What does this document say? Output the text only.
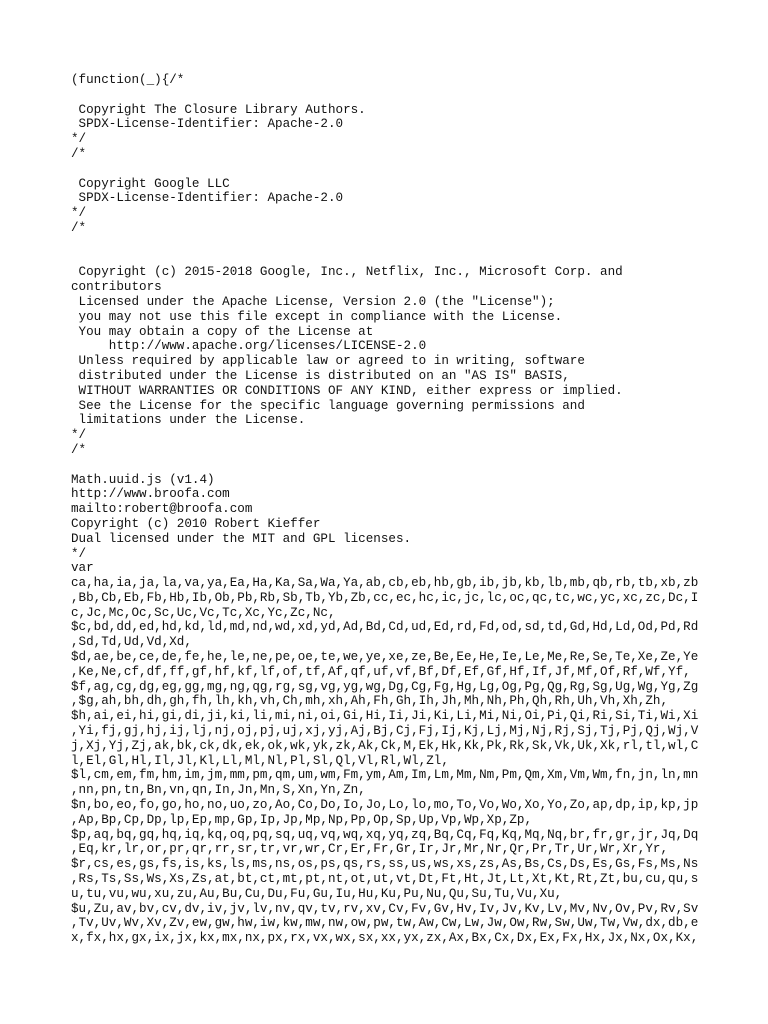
(function(_){/*

Copyright The Closure Library Authors.
SPDX-License-Identifier: Apache-2.0
*/
/*

Copyright Google LLC
SPDX-License-Identifier: Apache-2.0
*/
/*

Copyright (c) 2015-2018 Google, Inc., Netflix, Inc., Microsoft Corp. and
contributors
Licensed under the Apache License, Version 2.0 (the "License");
you may not use this file except in compliance with the License.
You may obtain a copy of the License at
http://www.apache.org/licenses/LICENSE-2.0
Unless required by applicable law or agreed to in writing, software
distributed under the License is distributed on an "AS IS" BASIS,
WITHOUT WARRANTIES OR CONDITIONS OF ANY KIND, either express or implied.
See the License for the specific language governing permissions and
limitations under the License.
*/
/*

Math.uuid.js (v1.4)
http://www.broofa.com
mailto:robert@broofa.com
Copyright (c) 2010 Robert Kieffer
Dual licensed under the MIT and GPL licenses.
*/
var
ca,ha,ia,ja,la,va,ya,Ea,Ha,Ka,Sa,Wa,Ya,ab,cb,eb,hb,gb,ib,jb,kb,lb,mb,qb,rb,tb,xb,zb
,Bb,Cb,Eb,Fb,Hb,Ib,Ob,Pb,Rb,Sb,Tb,Yb,Zb,cc,ec,hc,ic,jc,lc,oc,qc,tc,wc,yc,xc,zc,Dc,I
c,Jc,Mc,Oc,Sc,Uc,Vc,Tc,Xc,Yc,Zc,Nc,
$c,bd,dd,ed,hd,kd,ld,md,nd,wd,xd,yd,Ad,Bd,Cd,ud,Ed,rd,Fd,od,sd,td,Gd,Hd,Ld,Od,Pd,Rd
,Sd,Td,Ud,Vd,Xd,
$d,ae,be,ce,de,fe,he,le,ne,pe,oe,te,we,ye,xe,ze,Be,Ee,He,Ie,Le,Me,Re,Se,Te,Xe,Ze,Ye
,Ke,Ne,cf,df,ff,gf,hf,kf,lf,of,tf,Af,qf,uf,vf,Bf,Df,Ef,Gf,Hf,If,Jf,Mf,Of,Rf,Wf,Yf,
$f,ag,cg,dg,eg,gg,mg,ng,qg,rg,sg,vg,yg,wg,Dg,Cg,Fg,Hg,Lg,Og,Pg,Qg,Rg,Sg,Ug,Wg,Yg,Zg
,$g,ah,bh,dh,gh,fh,lh,kh,vh,Ch,mh,xh,Ah,Fh,Gh,Ih,Jh,Mh,Nh,Ph,Qh,Rh,Uh,Vh,Xh,Zh,
$h,ai,ei,hi,gi,di,ji,ki,li,mi,ni,oi,Gi,Hi,Ii,Ji,Ki,Li,Mi,Ni,Oi,Pi,Qi,Ri,Si,Ti,Wi,Xi
,Yi,fj,gj,hj,ij,lj,nj,oj,pj,uj,xj,yj,Aj,Bj,Cj,Fj,Ij,Kj,Lj,Mj,Nj,Rj,Sj,Tj,Pj,Qj,Wj,V
j,Xj,Yj,Zj,ak,bk,ck,dk,ek,ok,wk,yk,zk,Ak,Ck,M,Ek,Hk,Kk,Pk,Rk,Sk,Vk,Uk,Xk,rl,tl,wl,C
l,El,Gl,Hl,Il,Jl,Kl,Ll,Ml,Nl,Pl,Sl,Ql,Vl,Rl,Wl,Zl,
$l,cm,em,fm,hm,im,jm,mm,pm,qm,um,wm,Fm,ym,Am,Im,Lm,Mm,Nm,Pm,Qm,Xm,Vm,Wm,fn,jn,ln,mn
,nn,pn,tn,Bn,vn,qn,In,Jn,Mn,S,Xn,Yn,Zn,
$n,bo,eo,fo,go,ho,no,uo,zo,Ao,Co,Do,Io,Jo,Lo,lo,mo,To,Vo,Wo,Xo,Yo,Zo,ap,dp,ip,kp,jp
,Ap,Bp,Cp,Dp,lp,Ep,mp,Gp,Ip,Jp,Mp,Np,Pp,Op,Sp,Up,Vp,Wp,Xp,Zp,
$p,aq,bq,gq,hq,iq,kq,oq,pq,sq,uq,vq,wq,xq,yq,zq,Bq,Cq,Fq,Kq,Mq,Nq,br,fr,gr,jr,Jq,Dq
,Eq,kr,lr,or,pr,qr,rr,sr,tr,vr,wr,Cr,Er,Fr,Gr,Ir,Jr,Mr,Nr,Qr,Pr,Tr,Ur,Wr,Xr,Yr,
$r,cs,es,gs,fs,is,ks,ls,ms,ns,os,ps,qs,rs,ss,us,ws,xs,zs,As,Bs,Cs,Ds,Es,Gs,Fs,Ms,Ns
,Rs,Ts,Ss,Ws,Xs,Zs,at,bt,ct,mt,pt,nt,ot,ut,vt,Dt,Ft,Ht,Jt,Lt,Xt,Kt,Rt,Zt,bu,cu,qu,s
u,tu,vu,wu,xu,zu,Au,Bu,Cu,Du,Fu,Gu,Iu,Hu,Ku,Pu,Nu,Qu,Su,Tu,Vu,Xu,
$u,Zu,av,bv,cv,dv,iv,jv,lv,nv,qv,tv,rv,xv,Cv,Fv,Gv,Hv,Iv,Jv,Kv,Lv,Mv,Nv,Ov,Pv,Rv,Sv
,Tv,Uv,Wv,Xv,Zv,ew,gw,hw,iw,kw,mw,nw,ow,pw,tw,Aw,Cw,Lw,Jw,Ow,Rw,Sw,Uw,Tw,Vw,dx,db,e
x,fx,hx,gx,ix,jx,kx,mx,nx,px,rx,vx,wx,sx,xx,yx,zx,Ax,Bx,Cx,Dx,Ex,Fx,Hx,Jx,Nx,Ox,Kx,
